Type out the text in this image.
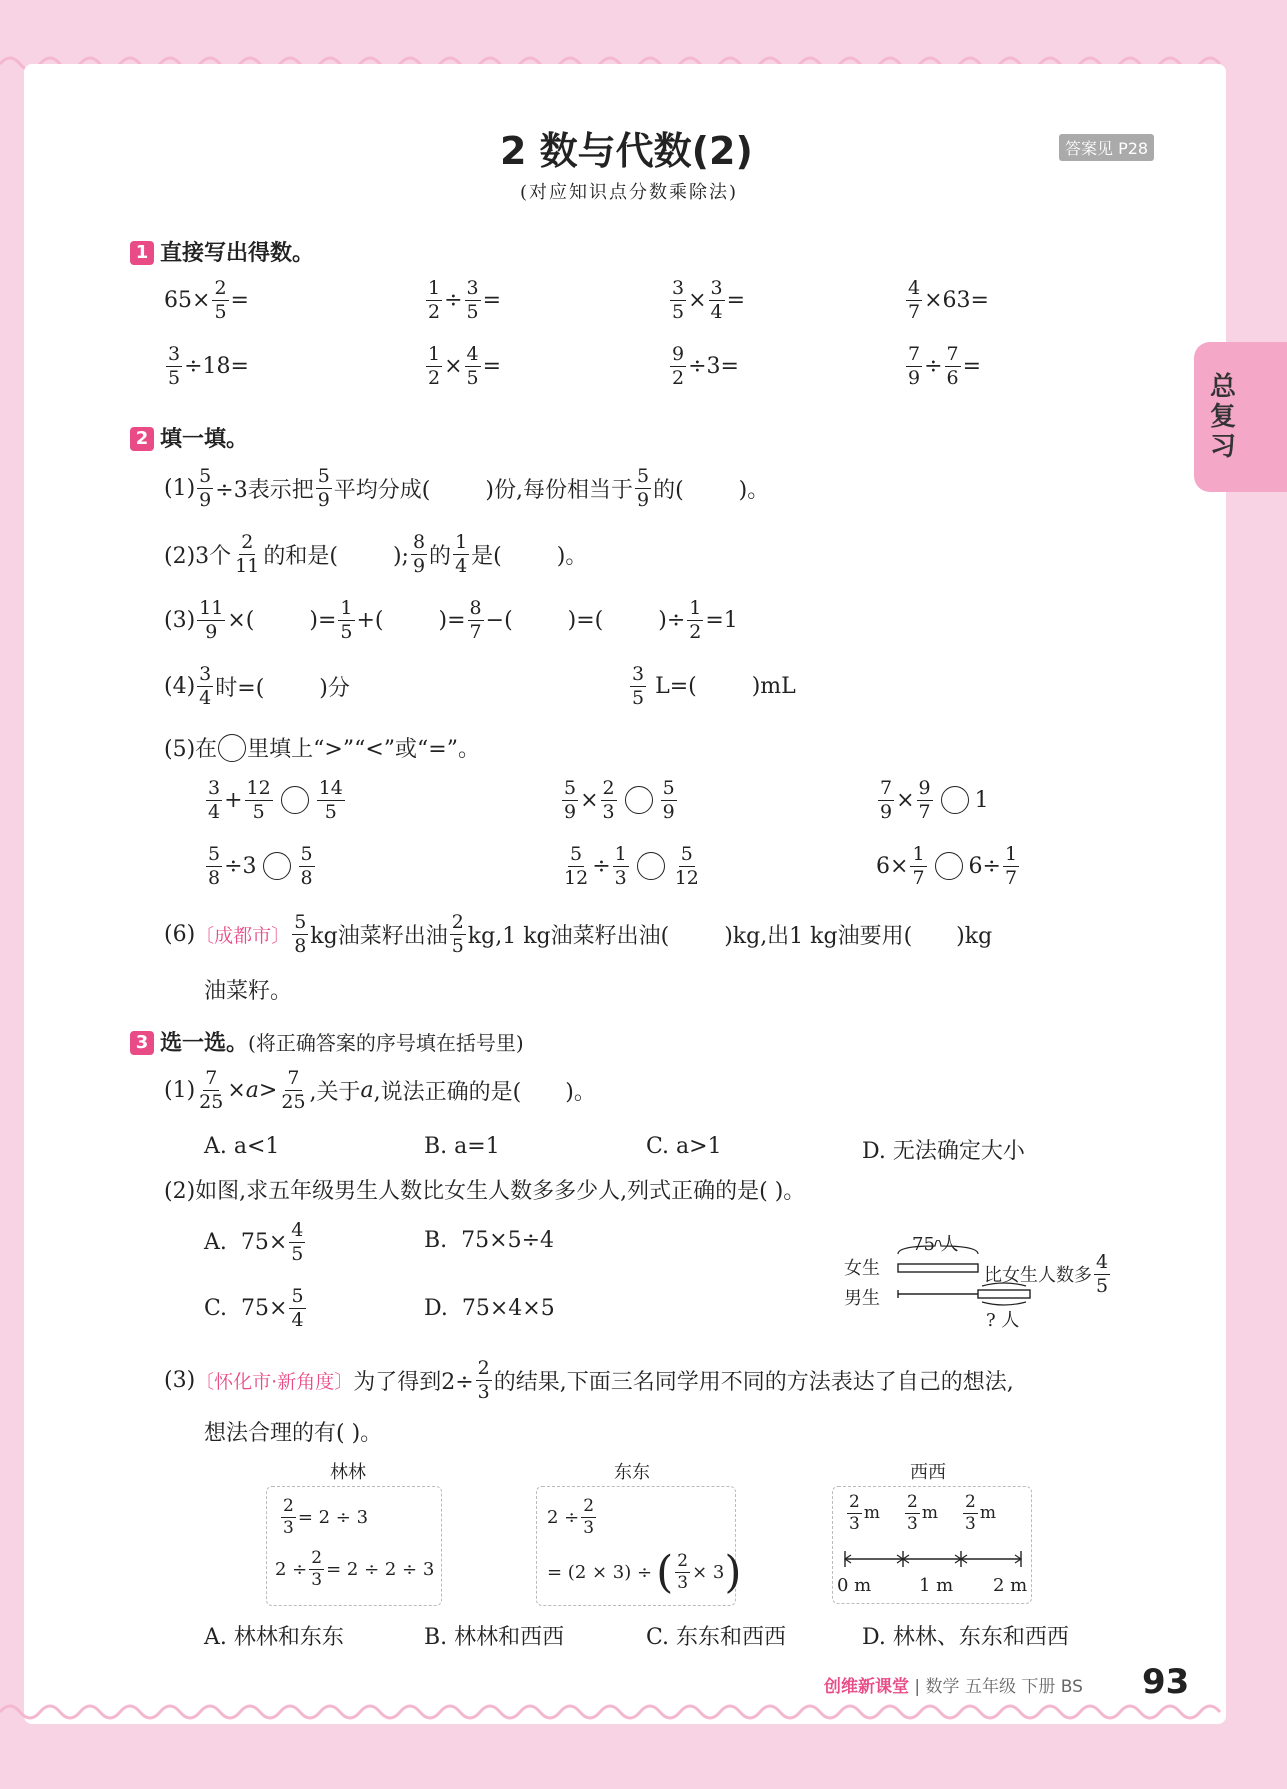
总复习
2 数与代数(2)
(对应知识点分数乘除法)
答案见 P28
1 直接写出得数。
$65\times \frac{2}{5}$ =	$\frac{1}{2} \div \frac{3}{5}$ =	$\frac{3}{5} \times \frac{3}{4}$ =	$\frac{4}{7} \times 63=$
$\frac{3}{5} \div 18=$	$\frac{1}{2} \times \frac{4}{5}$ =	$\frac{9}{2} \div 3=$	$\frac{7}{9} \div \frac{7}{6}$ =
2 填一填。
$(1) \frac{5}{9} \div 3$表示把 $\frac{5}{9}$ 平均分成(   )份,每份相当于 $\frac{5}{9}$ 的(   )。
(2)3个 $\frac{2}{11}$ 的和是(   ); $\frac{8}{9}$ 的 $\frac{1}{4}$ 是(   )。
$(3) \frac{11}{9}$ ×(   )= $\frac{1}{5}$ +(   )= $\frac{8}{7}$ −(   )=(   )÷ $\frac{1}{2} =1$
$(4) \frac{3}{4}$ 时=(   )分	$\frac{3}{5} L=$(   )mL
(5)在 里填上“>”“<”或“=”。
$\frac{3}{4} + \frac{12}{5} \frac{14}{5}$	$\frac{5}{9} \times \frac{2}{3} \frac{5}{9}$	$\frac{7}{9} \times \frac{9}{7} 1$
$\frac{5}{8} \div 3 \frac{5}{8}$	$\frac{5}{12} \div \frac{1}{3} \frac{5}{12}$	$6\times \frac{1}{7} 6\div \frac{1}{7}$
(6) 〔成都市〕 $\frac{5}{8}$ kg油菜籽出油 $\frac{2}{5} kg,1$ kg油菜籽出油(   )kg,出1 kg油要用(  )kg
油菜籽。
3 选一选。(将正确答案的序号填在括号里)
$(1) \frac{7}{25} \times a > \frac{7}{25}$ ,关于 a ,说法正确的是(  )。
A. a<1	B. a=1	C. a>1	D. 无法确定大小
(2)如图,求五年级男生人数比女生人数多多少人,列式正确的是( )。
A.  $75\times \frac{4}{5}$	B.  75×5÷4
C.  $75\times \frac{5}{4}$	D.  75×4×5
75 人
女生
男生
比女生人数多 $\frac{4}{5}$
? 人
(3) 〔怀化市·新角度〕 为了得到$2\div \frac{2}{3}$ 的结果,下面三名同学用不同的方法表达了自己的想法,
想法合理的有( )。
林林	东东	西西
$\frac{2}{3} = 2 \div 3$
$2 \div \frac{2}{3} = 2 \div 2 \div 3$
$2 \div \frac{2}{3}$
= (2 × 3) ÷ ( $\frac{2}{3} \times 3$ )
$\frac{2}{3}$ m $\frac{2}{3}$ m $\frac{2}{3}$ m
0 m	1 m 2 m
A. 林林和东东	B. 林林和西西	C. 东东和西西	D. 林林、东东和西西
创维新课堂 | 数学 五年级 下册 BS 93
